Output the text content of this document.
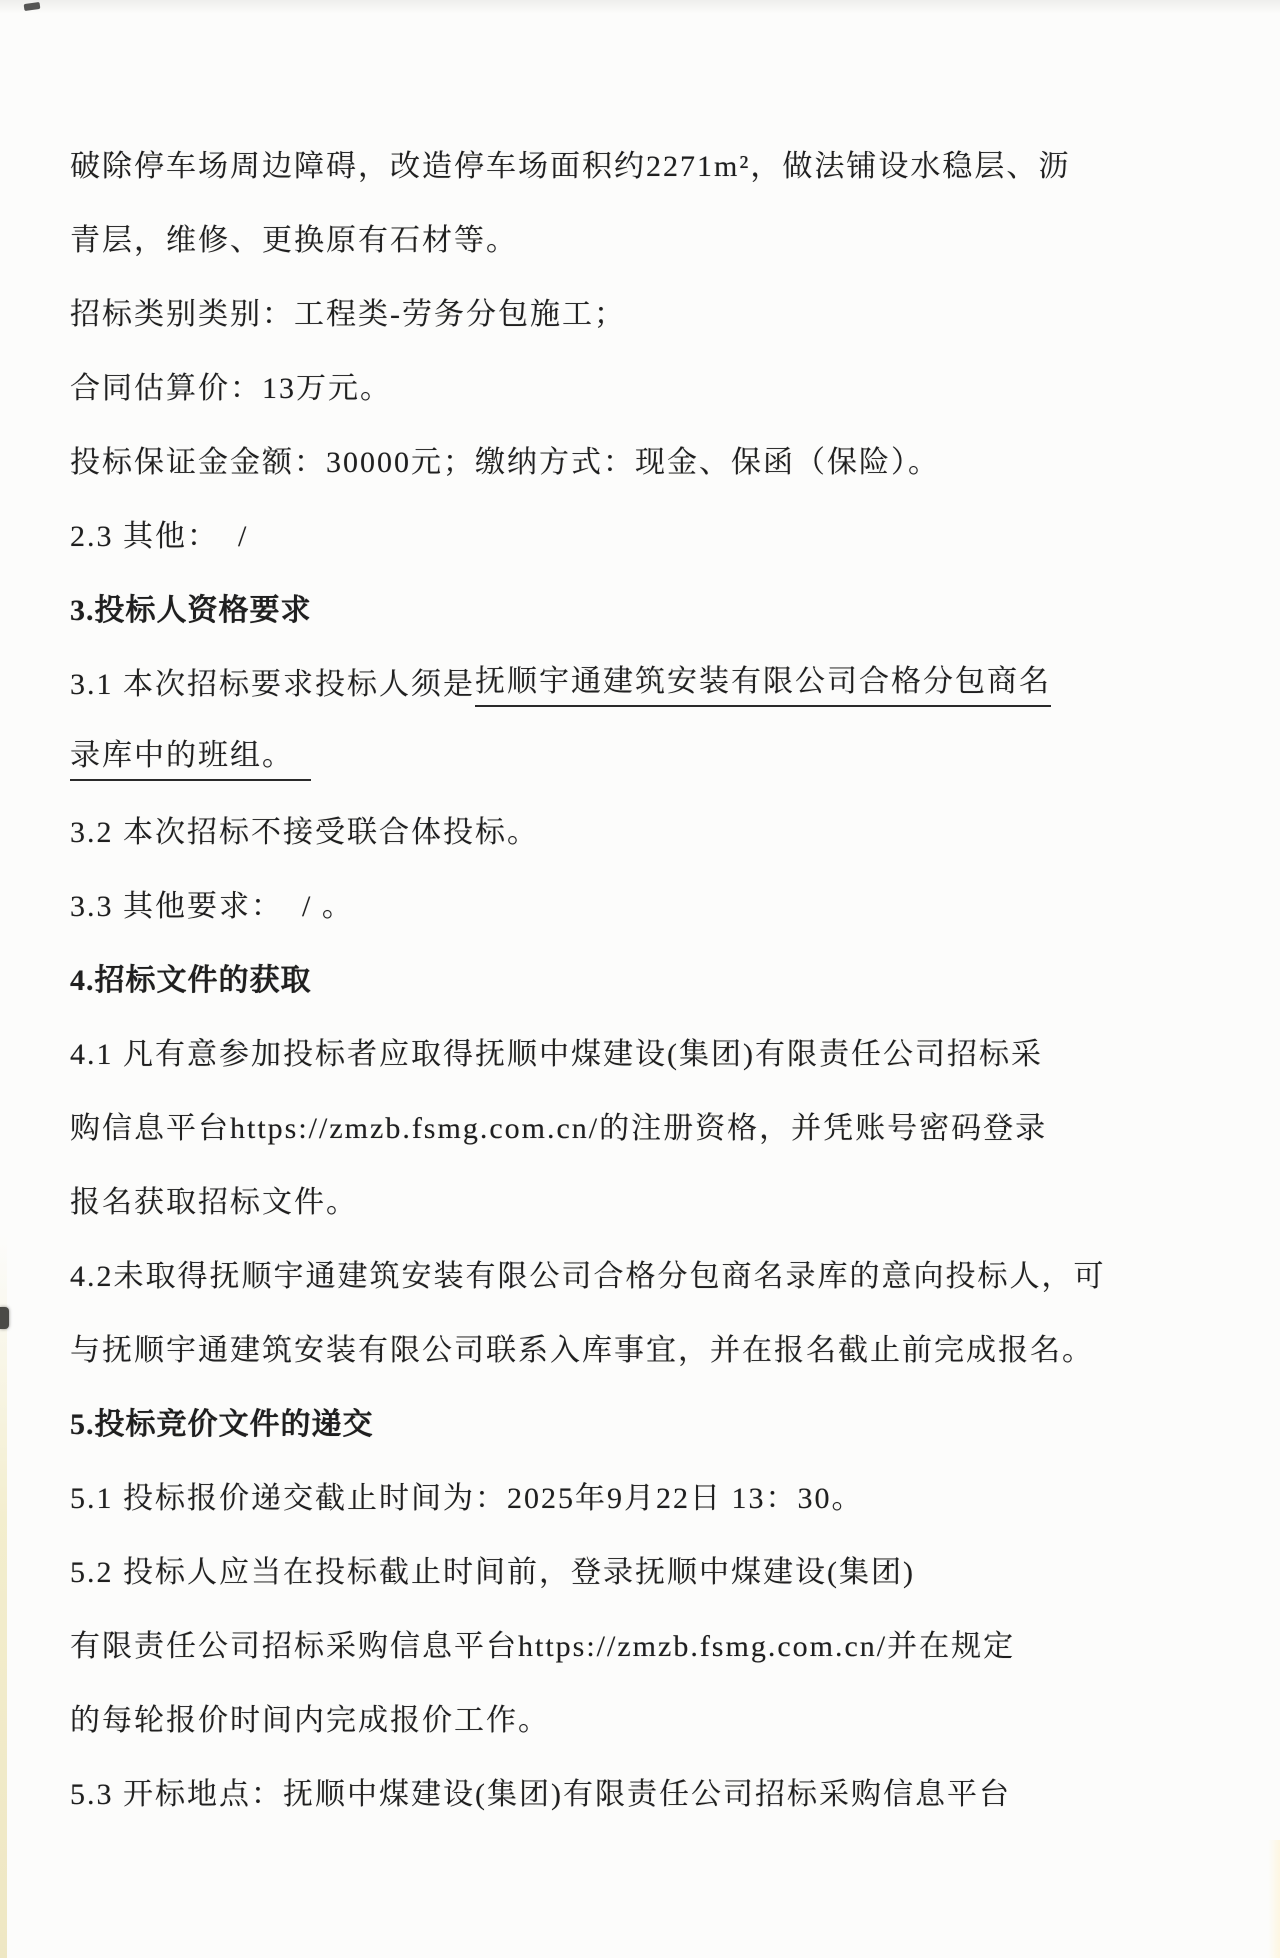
破除停车场周边障碍，改造停车场面积约2271m²，做法铺设水稳层、沥
青层，维修、更换原有石材等。
招标类别类别：工程类-劳务分包施工；
合同估算价：13万元。
投标保证金金额：30000元；缴纳方式：现金、保函（保险）。
2.3 其他：  /
3.投标人资格要求
3.1 本次招标要求投标人须是 抚顺宇通建筑安装有限公司合格分包商名
录库中的班组。　
3.2 本次招标不接受联合体投标。
3.3 其他要求：  / 。
4.招标文件的获取
4.1 凡有意参加投标者应取得抚顺中煤建设(集团)有限责任公司招标采
购信息平台https://zmzb.fsmg.com.cn/的注册资格，并凭账号密码登录
报名获取招标文件。
4.2未取得抚顺宇通建筑安装有限公司合格分包商名录库的意向投标人，可
与抚顺宇通建筑安装有限公司联系入库事宜，并在报名截止前完成报名。
5.投标竞价文件的递交
5.1 投标报价递交截止时间为：2025年9月22日 13：30。
5.2 投标人应当在投标截止时间前，登录抚顺中煤建设(集团)
有限责任公司招标采购信息平台https://zmzb.fsmg.com.cn/并在规定
的每轮报价时间内完成报价工作。
5.3 开标地点：抚顺中煤建设(集团)有限责任公司招标采购信息平台
